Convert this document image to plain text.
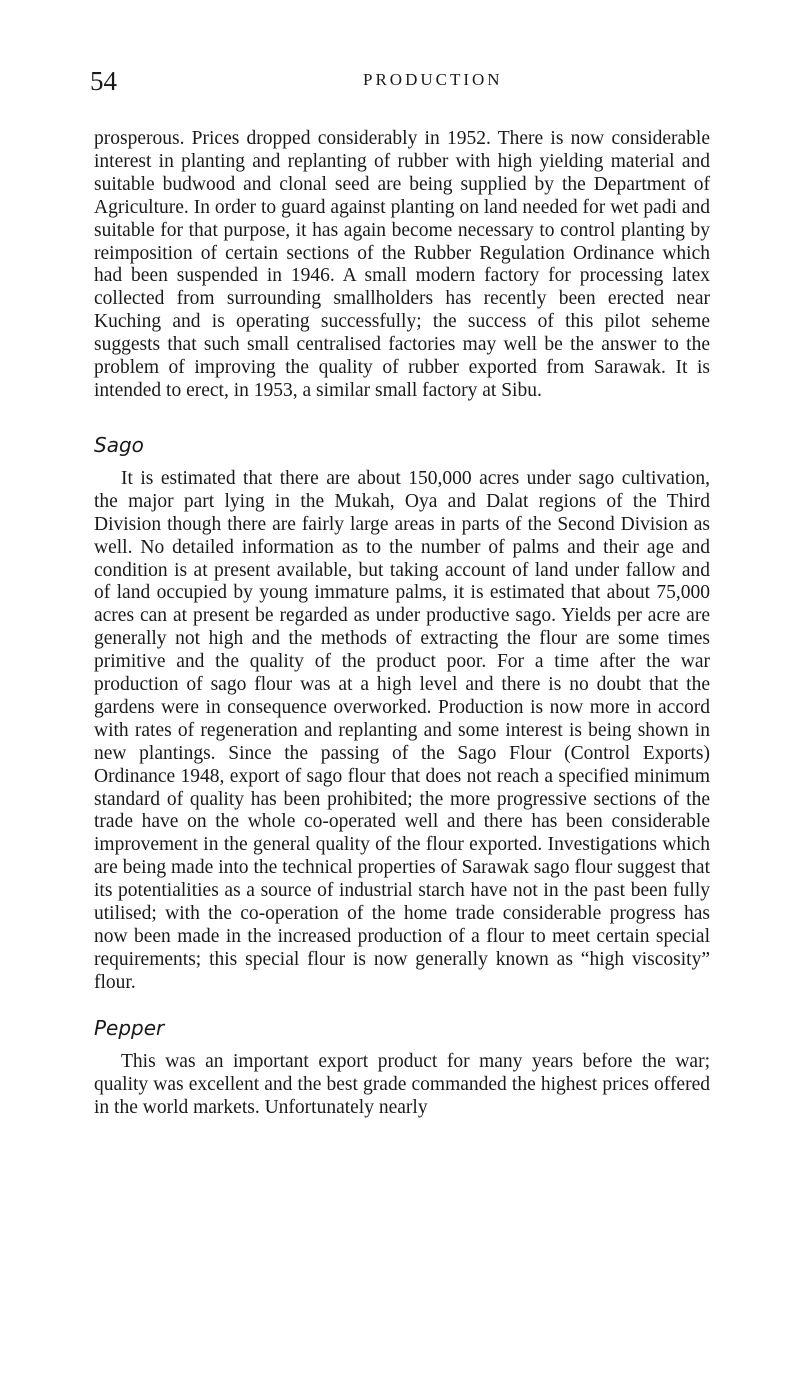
54	PRODUCTION

prosperous. Prices dropped considerably in 1952. There is now considerable interest in planting and replanting of rubber with high yielding material and suitable budwood and clonal seed are being supplied by the Department of Agriculture. In order to guard against planting on land needed for wet padi and suitable for that purpose, it has again become necessary to control planting by reimposition of certain sections of the Rubber Regulation Ordinance which had been suspended in 1946. A small modern factory for processing latex collected from surrounding smallholders has recently been erected near Kuching and is operating successfully; the success of this pilot seheme suggests that such small centralised factories may well be the answer to the problem of improving the quality of rubber exported from Sarawak. It is intended to erect, in 1953, a similar small factory at Sibu.

Sago

It is estimated that there are about 150,000 acres under sago cultivation, the major part lying in the Mukah, Oya and Dalat regions of the Third Division though there are fairly large areas in parts of the Second Division as well. No detailed information as to the number of palms and their age and condition is at present available, but taking account of land under fallow and of land occupied by young immature palms, it is estimated that about 75,000 acres can at present be regarded as under productive sago. Yields per acre are generally not high and the methods of extracting the flour are some times primitive and the quality of the product poor. For a time after the war production of sago flour was at a high level and there is no doubt that the gardens were in consequence overworked. Production is now more in accord with rates of regeneration and replanting and some interest is being shown in new plantings. Since the passing of the Sago Flour (Control Exports) Ordinance 1948, export of sago flour that does not reach a specified minimum standard of quality has been prohibited; the more progressive sections of the trade have on the whole co-operated well and there has been considerable improvement in the general quality of the flour exported. Investigations which are being made into the technical properties of Sarawak sago flour suggest that its potentialities as a source of industrial starch have not in the past been fully utilised; with the co-operation of the home trade considerable progress has now been made in the increased production of a flour to meet certain special requirements; this special flour is now generally known as “high viscosity” flour.

Pepper

This was an important export product for many years before the war; quality was excellent and the best grade commanded the highest prices offered in the world markets. Unfortunately nearly
